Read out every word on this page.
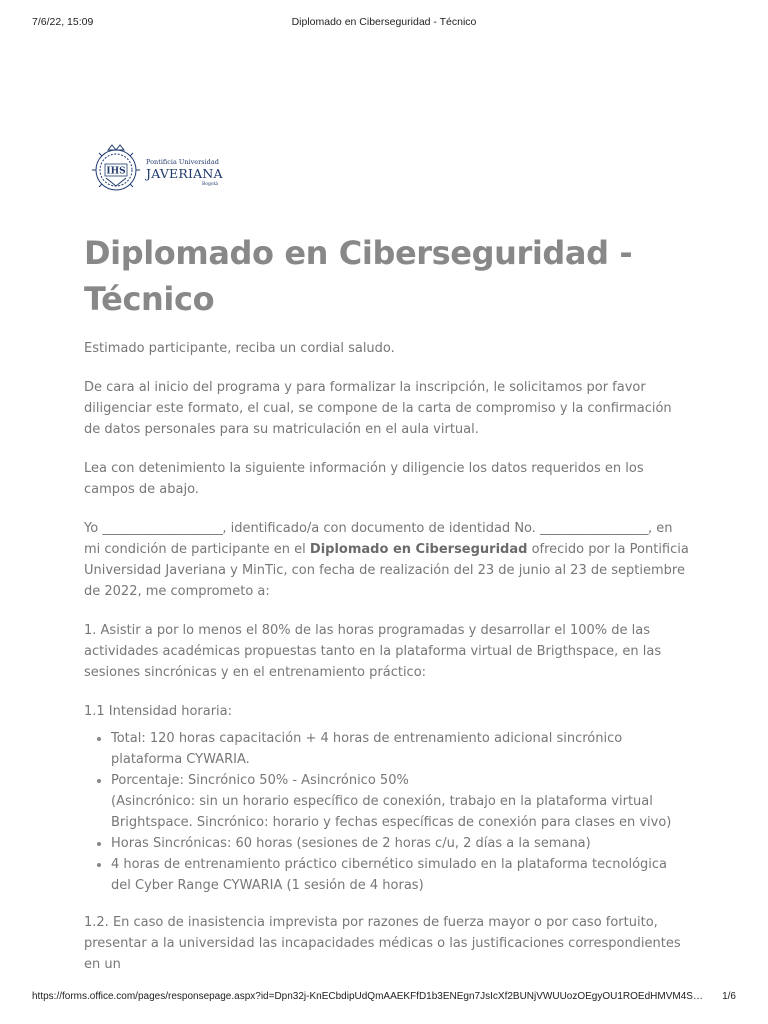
7/6/22, 15:09	Diplomado en Ciberseguridad - Técnico
IHS
Pontificia Universidad
JAVERIANA
Bogotá
Diplomado en Ciberseguridad - Técnico

Estimado participante, reciba un cordial saludo.

De cara al inicio del programa y para formalizar la inscripción, le solicitamos por favor diligenciar este formato, el cual, se compone de la carta de compromiso y la confirmación de datos personales para su matriculación en el aula virtual.

Lea con detenimiento la siguiente información y diligencie los datos requeridos en los campos de abajo.

Yo ____________________, identificado/a con documento de identidad No. __________________, en mi condición de participante en el Diplomado en Ciberseguridad ofrecido por la Pontificia Universidad Javeriana y MinTic, con fecha de realización del 23 de junio al 23 de septiembre de 2022, me comprometo a:

1. Asistir a por lo menos el 80% de las horas programadas y desarrollar el 100% de las actividades académicas propuestas tanto en la plataforma virtual de Brigthspace, en las sesiones sincrónicas y en el entrenamiento práctico:

1.1 Intensidad horaria:

• Total: 120 horas capacitación + 4 horas de entrenamiento adicional sincrónico plataforma CYWARIA.
• Porcentaje: Sincrónico 50% - Asincrónico 50%
(Asincrónico: sin un horario específico de conexión, trabajo en la plataforma virtual Brightspace. Sincrónico: horario y fechas específicas de conexión para clases en vivo)
• Horas Sincrónicas: 60 horas (sesiones de 2 horas c/u, 2 días a la semana)
• 4 horas de entrenamiento práctico cibernético simulado en la plataforma tecnológica del Cyber Range CYWARIA (1 sesión de 4 horas)

1.2. En caso de inasistencia imprevista por razones de fuerza mayor o por caso fortuito, presentar a la universidad las incapacidades médicas o las justificaciones correspondientes en un

https://forms.office.com/pages/responsepage.aspx?id=Dpn32j-KnECbdipUdQmAAEKFfD1b3ENEgn7JsIcXf2BUNjVWUUozOEgyOU1ROEdHMVM4S… 1/6
